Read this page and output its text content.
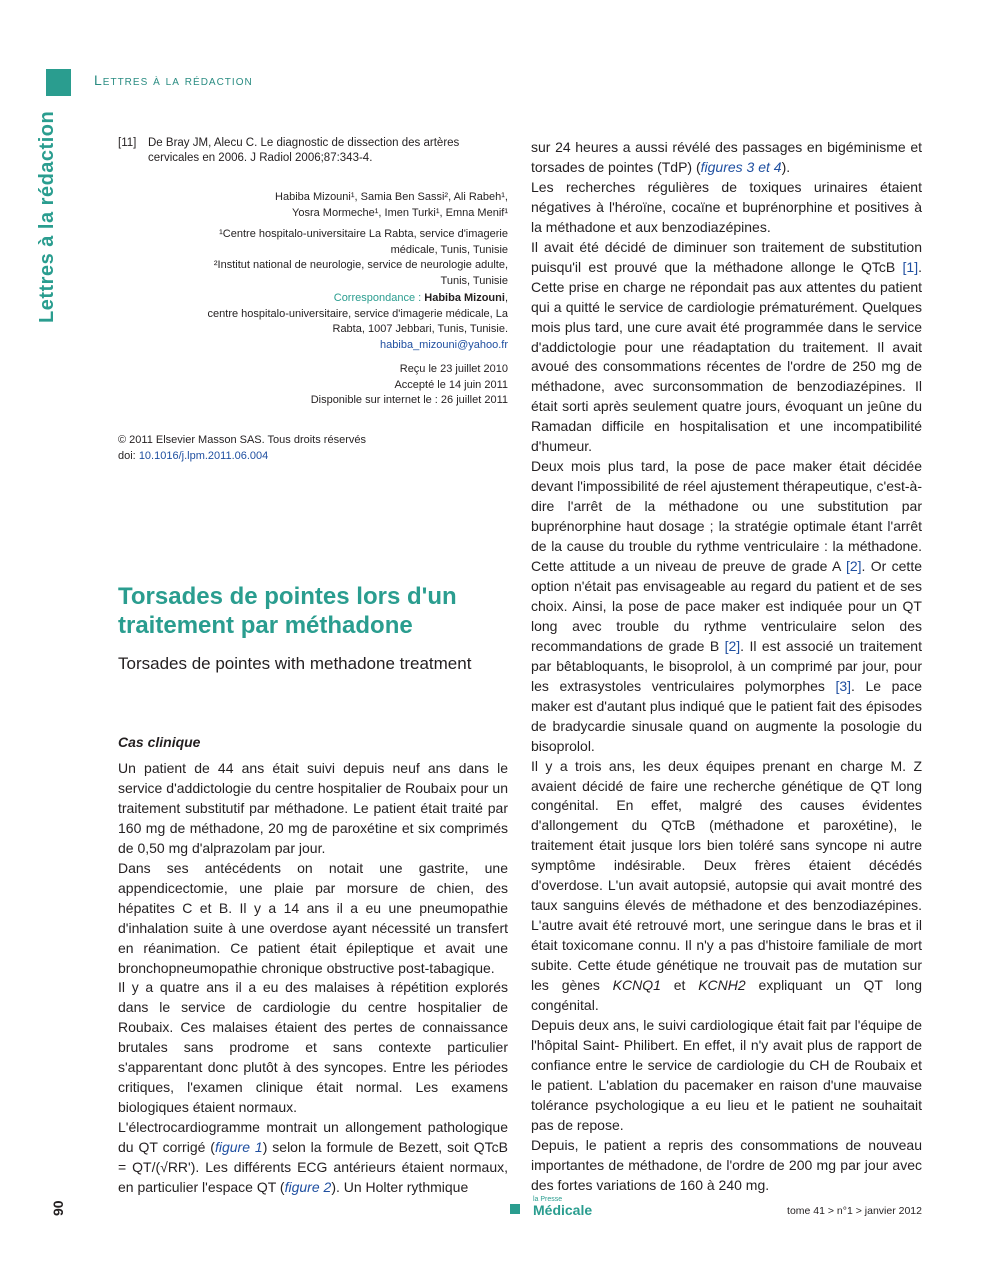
Lettres à la rédaction
Lettres à la rédaction	[11] De Bray JM, Alecu C. Le diagnostic de dissection des artères cervicales en 2006. J Radiol 2006;87:343-4.
Habiba Mizouni¹, Samia Ben Sassi², Ali Rabeh¹,
Yosra Mormeche¹, Imen Turki¹, Emna Menif¹
¹Centre hospitalo-universitaire La Rabta, service d'imagerie
médicale, Tunis, Tunisie
²Institut national de neurologie, service de neurologie adulte,
Tunis, Tunisie
Correspondance : Habiba Mizouni,
centre hospitalo-universitaire, service d'imagerie médicale, La
Rabta, 1007 Jebbari, Tunis, Tunisie.
habiba_mizouni@yahoo.fr
Reçu le 23 juillet 2010
Accepté le 14 juin 2011
Disponible sur internet le : 26 juillet 2011
© 2011 Elsevier Masson SAS. Tous droits réservés
doi: 10.1016/j.lpm.2011.06.004
Torsades de pointes lors d'un traitement par méthadone
Torsades de pointes with methadone treatment
Cas clinique

Un patient de 44 ans était suivi depuis neuf ans dans le service d'addictologie du centre hospitalier de Roubaix pour un traitement substitutif par méthadone. Le patient était traité par 160 mg de méthadone, 20 mg de paroxétine et six comprimés de 0,50 mg d'alprazolam par jour.

Dans ses antécédents on notait une gastrite, une appendicectomie, une plaie par morsure de chien, des hépatites C et B. Il y a 14 ans il a eu une pneumopathie d'inhalation suite à une overdose ayant nécessité un transfert en réanimation. Ce patient était épileptique et avait une bronchopneumopathie chronique obstructive post-tabagique.

Il y a quatre ans il a eu des malaises à répétition explorés dans le service de cardiologie du centre hospitalier de Roubaix. Ces malaises étaient des pertes de connaissance brutales sans prodrome et sans contexte particulier s'apparentant donc plutôt à des syncopes. Entre les périodes critiques, l'examen clinique était normal. Les examens biologiques étaient normaux.

L'électrocardiogramme montrait un allongement pathologique du QT corrigé (figure 1) selon la formule de Bezett, soit QTcB = QT/(√RR'). Les différents ECG antérieurs étaient normaux, en particulier l'espace QT (figure 2). Un Holter rythmique

sur 24 heures a aussi révélé des passages en bigéminisme et torsades de pointes (TdP) (figures 3 et 4).

Les recherches régulières de toxiques urinaires étaient négatives à l'héroïne, cocaïne et buprénorphine et positives à la méthadone et aux benzodiazépines.

Il avait été décidé de diminuer son traitement de substitution puisqu'il est prouvé que la méthadone allonge le QTcB [1]. Cette prise en charge ne répondait pas aux attentes du patient qui a quitté le service de cardiologie prématurément. Quelques mois plus tard, une cure avait été programmée dans le service d'addictologie pour une réadaptation du traitement. Il avait avoué des consommations récentes de l'ordre de 250 mg de méthadone, avec surconsommation de benzodiazépines. Il était sorti après seulement quatre jours, évoquant un jeûne du Ramadan difficile en hospitalisation et une incompatibilité d'humeur.

Deux mois plus tard, la pose de pace maker était décidée devant l'impossibilité de réel ajustement thérapeutique, c'est-à-dire l'arrêt de la méthadone ou une substitution par buprénorphine haut dosage ; la stratégie optimale étant l'arrêt de la cause du trouble du rythme ventriculaire : la méthadone. Cette attitude a un niveau de preuve de grade A [2]. Or cette option n'était pas envisageable au regard du patient et de ses choix. Ainsi, la pose de pace maker est indiquée pour un QT long avec trouble du rythme ventriculaire selon des recommandations de grade B [2]. Il est associé un traitement par bêtabloquants, le bisoprolol, à un comprimé par jour, pour les extrasystoles ventriculaires polymorphes [3]. Le pace maker est d'autant plus indiqué que le patient fait des épisodes de bradycardie sinusale quand on augmente la posologie du bisoprolol.

Il y a trois ans, les deux équipes prenant en charge M. Z avaient décidé de faire une recherche génétique de QT long congénital. En effet, malgré des causes évidentes d'allongement du QTcB (méthadone et paroxétine), le traitement était jusque lors bien toléré sans syncope ni autre symptôme indésirable. Deux frères étaient décédés d'overdose. L'un avait autopsié, autopsie qui avait montré des taux sanguins élevés de méthadone et des benzodiazépines. L'autre avait été retrouvé mort, une seringue dans le bras et il était toxicomane connu. Il n'y a pas d'histoire familiale de mort subite. Cette étude génétique ne trouvait pas de mutation sur les gènes KCNQ1 et KCNH2 expliquant un QT long congénital.

Depuis deux ans, le suivi cardiologique était fait par l'équipe de l'hôpital Saint- Philibert. En effet, il n'y avait plus de rapport de confiance entre le service de cardiologie du CH de Roubaix et le patient. L'ablation du pacemaker en raison d'une mauvaise tolérance psychologique a eu lieu et le patient ne souhaitait pas de repose.

Depuis, le patient a repris des consommations de nouveau importantes de méthadone, de l'ordre de 200 mg par jour avec des fortes variations de 160 à 240 mg.

90
la Presse
Médicale	tome 41 > n°1 > janvier 2012
